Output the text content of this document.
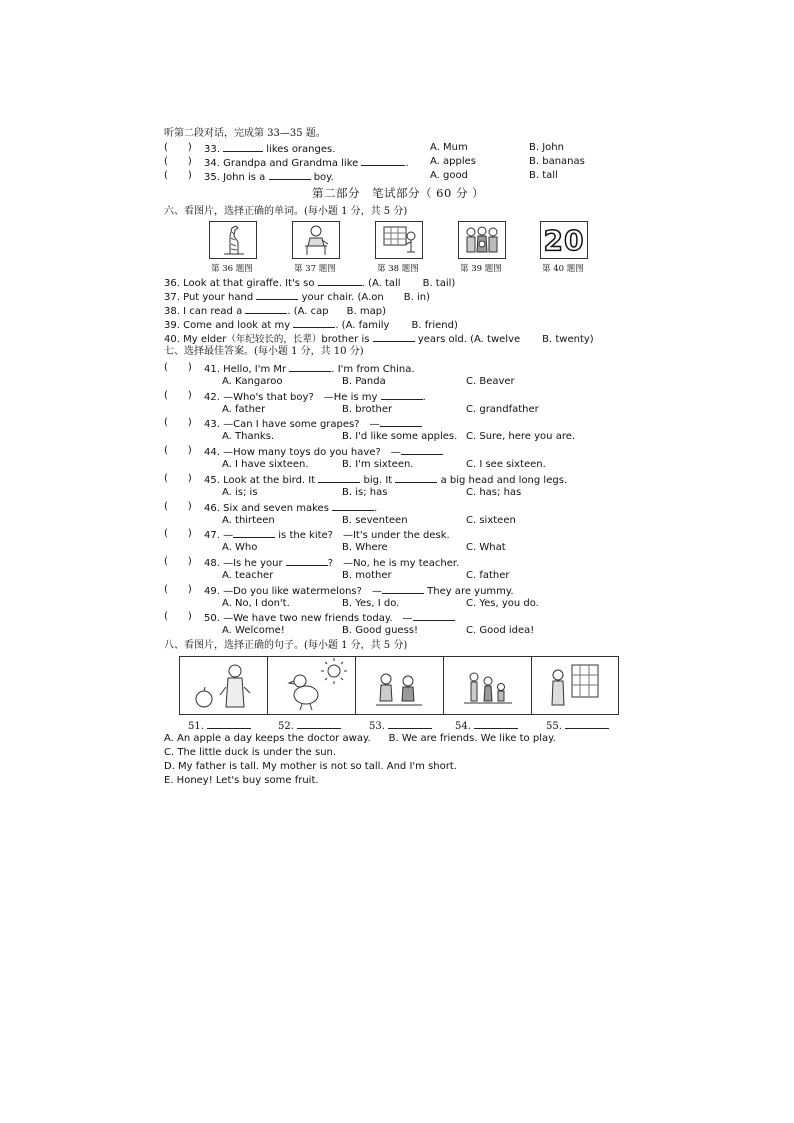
听第二段对话，完成第 33—35 题。
(　　) 33.	likes oranges.	A. Mum	B. John
(　　) 34. Grandpa and Grandma like	. A. apples	B. bananas
(　　) 35. John is a	boy.	A. good	B. tall
第二部分　笔试部分（ 60 分 ）
六、看图片，选择正确的单词。(每小题 1 分，共 5 分)
20
第 36 题图	第 37 题图	第 38 题图	第 39 题图	第 40 题图
36. Look at that giraffe. It's so	. (A. tall B. tail)
37. Put your hand	your chair. (A.on B. in)
38. I can read a	. (A. cap B. map)
39. Come and look at my	. (A. family B. friend)
40. My elder（年纪较长的，长辈）brother is	years old. (A. twelve B. twenty)
七、选择最佳答案。(每小题 1 分，共 10 分)
(　　) 41. Hello, I'm Mr	. I'm from China.
A. Kangaroo	B. Panda	C. Beaver
(　　) 42. —Who's that boy?　—He is my	.
A. father	B. brother	C. grandfather
(　　) 43. —Can I have some grapes?　—
A. Thanks.	B. I'd like some apples. C. Sure, here you are.
(　　) 44. —How many toys do you have?　—
A. I have sixteen.	B. I'm sixteen.	C. I see sixteen.
(　　) 45. Look at the bird. It	big. It	a big head and long legs.
A. is; is	B. is; has	C. has; has
(　　) 46. Six and seven makes	.
A. thirteen	B. seventeen	C. sixteen
(　　) 47. —	is the kite?　—It's under the desk.
A. Who	B. Where	C. What
(　　) 48. —Is he your	?　—No, he is my teacher.
A. teacher	B. mother	C. father
(　　) 49. —Do you like watermelons?　—	They are yummy.
A. No, I don't.	B. Yes, I do.	C. Yes, you do.
(　　) 50. —We have two new friends today.　—
A. Welcome!	B. Good guess!	C. Good idea!
八、看图片，选择正确的句子。(每小题 1 分，共 5 分)
51.	52.	53.	54.	55.
A. An apple a day keeps the doctor away. B. We are friends. We like to play.
C. The little duck is under the sun.
D. My father is tall. My mother is not so tall. And I'm short.
E. Honey! Let's buy some fruit.
